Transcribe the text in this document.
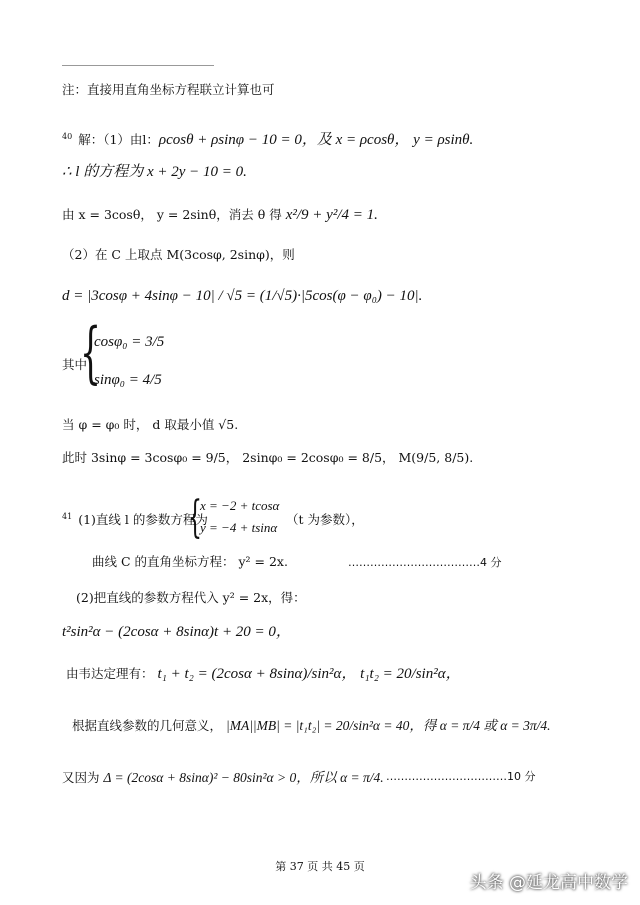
注：直接用直角坐标方程联立计算也可
$^{40}$ 解：（1）由l：ρcosθ + ρsinφ − 10 = 0，及 x = ρcosθ， y = ρsinθ.
∴ l 的方程为 x + 2y − 10 = 0.
由 x = 3cosθ， y = 2sinθ，消去 θ 得 x²/9 + y²/4 = 1.
（2）在 C 上取点 M(3cosφ, 2sinφ)，则
d = |3cosφ + 4sinφ − 10| / √5 = (1/√5)·|5cos(φ − φ₀) − 10|.
其中
{
cosφ₀ = 3/5
sinφ₀ = 4/5
当 φ = φ₀ 时， d 取最小值 √5.
此时 3sinφ = 3cosφ₀ = 9/5， 2sinφ₀ = 2cosφ₀ = 8/5， M(9/5, 8/5).
$^{41}$ (1)直线 l 的参数方程为
{
x = −2 + tcosα
y = −4 + tsinα
（t 为参数），
曲线 C 的直角坐标方程： y² = 2x.	………………………………4 分
(2)把直线的参数方程代入 y² = 2x，得：
t²sin²α − (2cosα + 8sinα)t + 20 = 0，
由韦达定理有： t₁ + t₂ = (2cosα + 8sinα)/sin²α， t₁t₂ = 20/sin²α，
根据直线参数的几何意义， |MA||MB| = |t₁t₂| = 20/sin²α = 40，得 α = π/4 或 α = 3π/4.
又因为 Δ = (2cosα + 8sinα)² − 80sin²α > 0，所以 α = π/4. ……………………………10 分
第 37 页 共 45 页
头条 @延龙高中数学
